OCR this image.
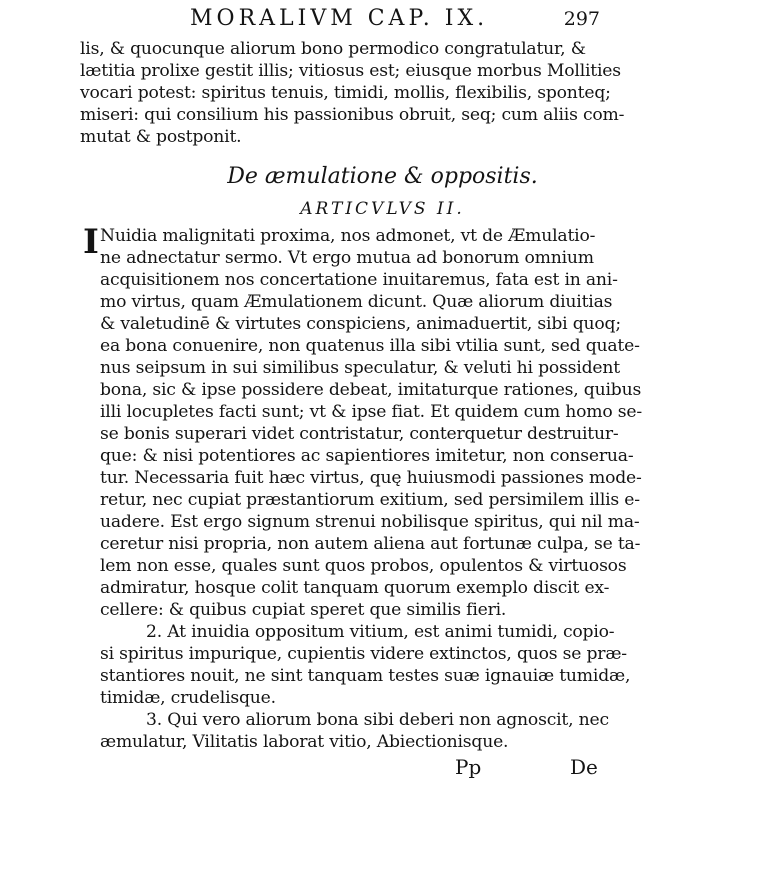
MORALIVM CAP. IX.	297
lis, & quocunque aliorum bono permodico congratulatur, &
lætitia prolixe gestit illis; vitiosus est; eiusque morbus Mollities
vocari potest: spiritus tenuis, timidi, mollis, flexibilis, sponteq;
miseri: qui consilium his passionibus obruit, seq; cum aliis com-
mutat & postponit.
De æmulatione & oppositis.
ARTICVLVS II.
I Nuidia malignitati proxima, nos admonet, vt de Æmulatio-
ne adnectatur sermo. Vt ergo mutua ad bonorum omnium
acquisitionem nos concertatione inuitaremus, fata est in ani-
mo virtus, quam Æmulationem dicunt. Quæ aliorum diuitias
& valetudinē & virtutes conspiciens, animaduertit, sibi quoq;
ea bona conuenire, non quatenus illa sibi vtilia sunt, sed quate-
nus seipsum in sui similibus speculatur, & veluti hi possident
bona, sic & ipse possidere debeat, imitaturque rationes, quibus
illi locupletes facti sunt; vt & ipse fiat. Et quidem cum homo se-
se bonis superari videt contristatur, conterquetur destruitur-
que: & nisi potentiores ac sapientiores imitetur, non conserua-
tur. Necessaria fuit hæc virtus, quę huiusmodi passiones mode-
retur, nec cupiat præstantiorum exitium, sed persimilem illis e-
uadere. Est ergo signum strenui nobilisque spiritus, qui nil ma-
ceretur nisi propria, non autem aliena aut fortunæ culpa, se ta-
lem non esse, quales sunt quos probos, opulentos & virtuosos
admiratur, hosque colit tanquam quorum exemplo discit ex-
cellere: & quibus cupiat speret que similis fieri.
2. At inuidia oppositum vitium, est animi tumidi, copio-
si spiritus impurique, cupientis videre extinctos, quos se præ-
stantiores nouit, ne sint tanquam testes suæ ignauiæ tumidæ,
timidæ, crudelisque.
3. Qui vero aliorum bona sibi deberi non agnoscit, nec
æmulatur, Vilitatis laborat vitio, Abiectionisque.
Pp	De
